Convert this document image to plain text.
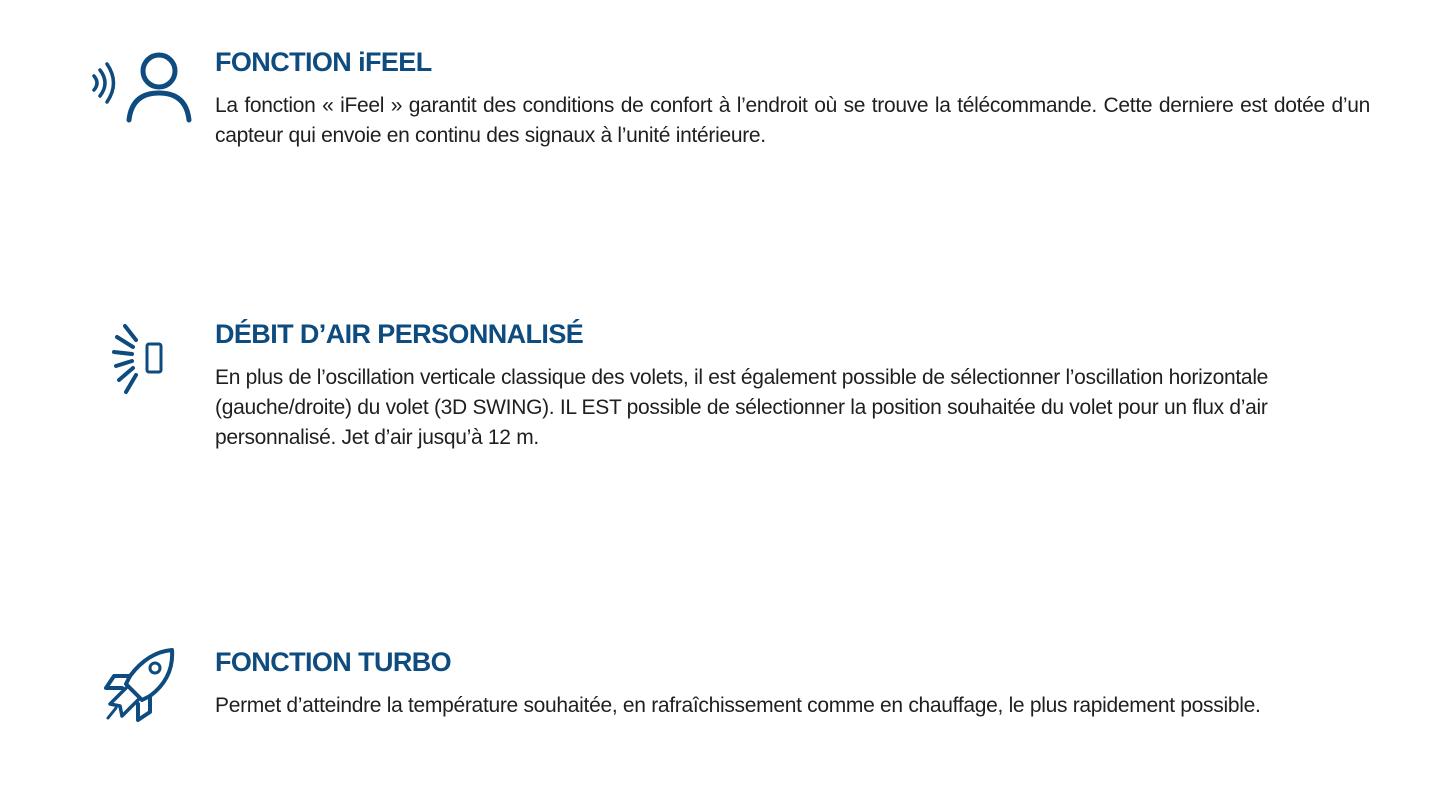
FONCTION iFEEL

La fonction « iFeel » garantit des conditions de confort à l’endroit où se trouve la télécommande. Cette derniere est dotée d’un capteur qui envoie en continu des signaux à l’unité intérieure.

DÉBIT D’AIR PERSONNALISÉ

En plus de l’oscillation verticale classique des volets, il est également possible de sélectionner l’oscillation horizontale

(gauche/droite) du volet (3D SWING). IL EST possible de sélectionner la position souhaitée du volet pour un flux d’air personnalisé. Jet d’air jusqu’à 12 m.

FONCTION TURBO

Permet d’atteindre la température souhaitée, en rafraîchissement comme en chauffage, le plus rapidement possible.
